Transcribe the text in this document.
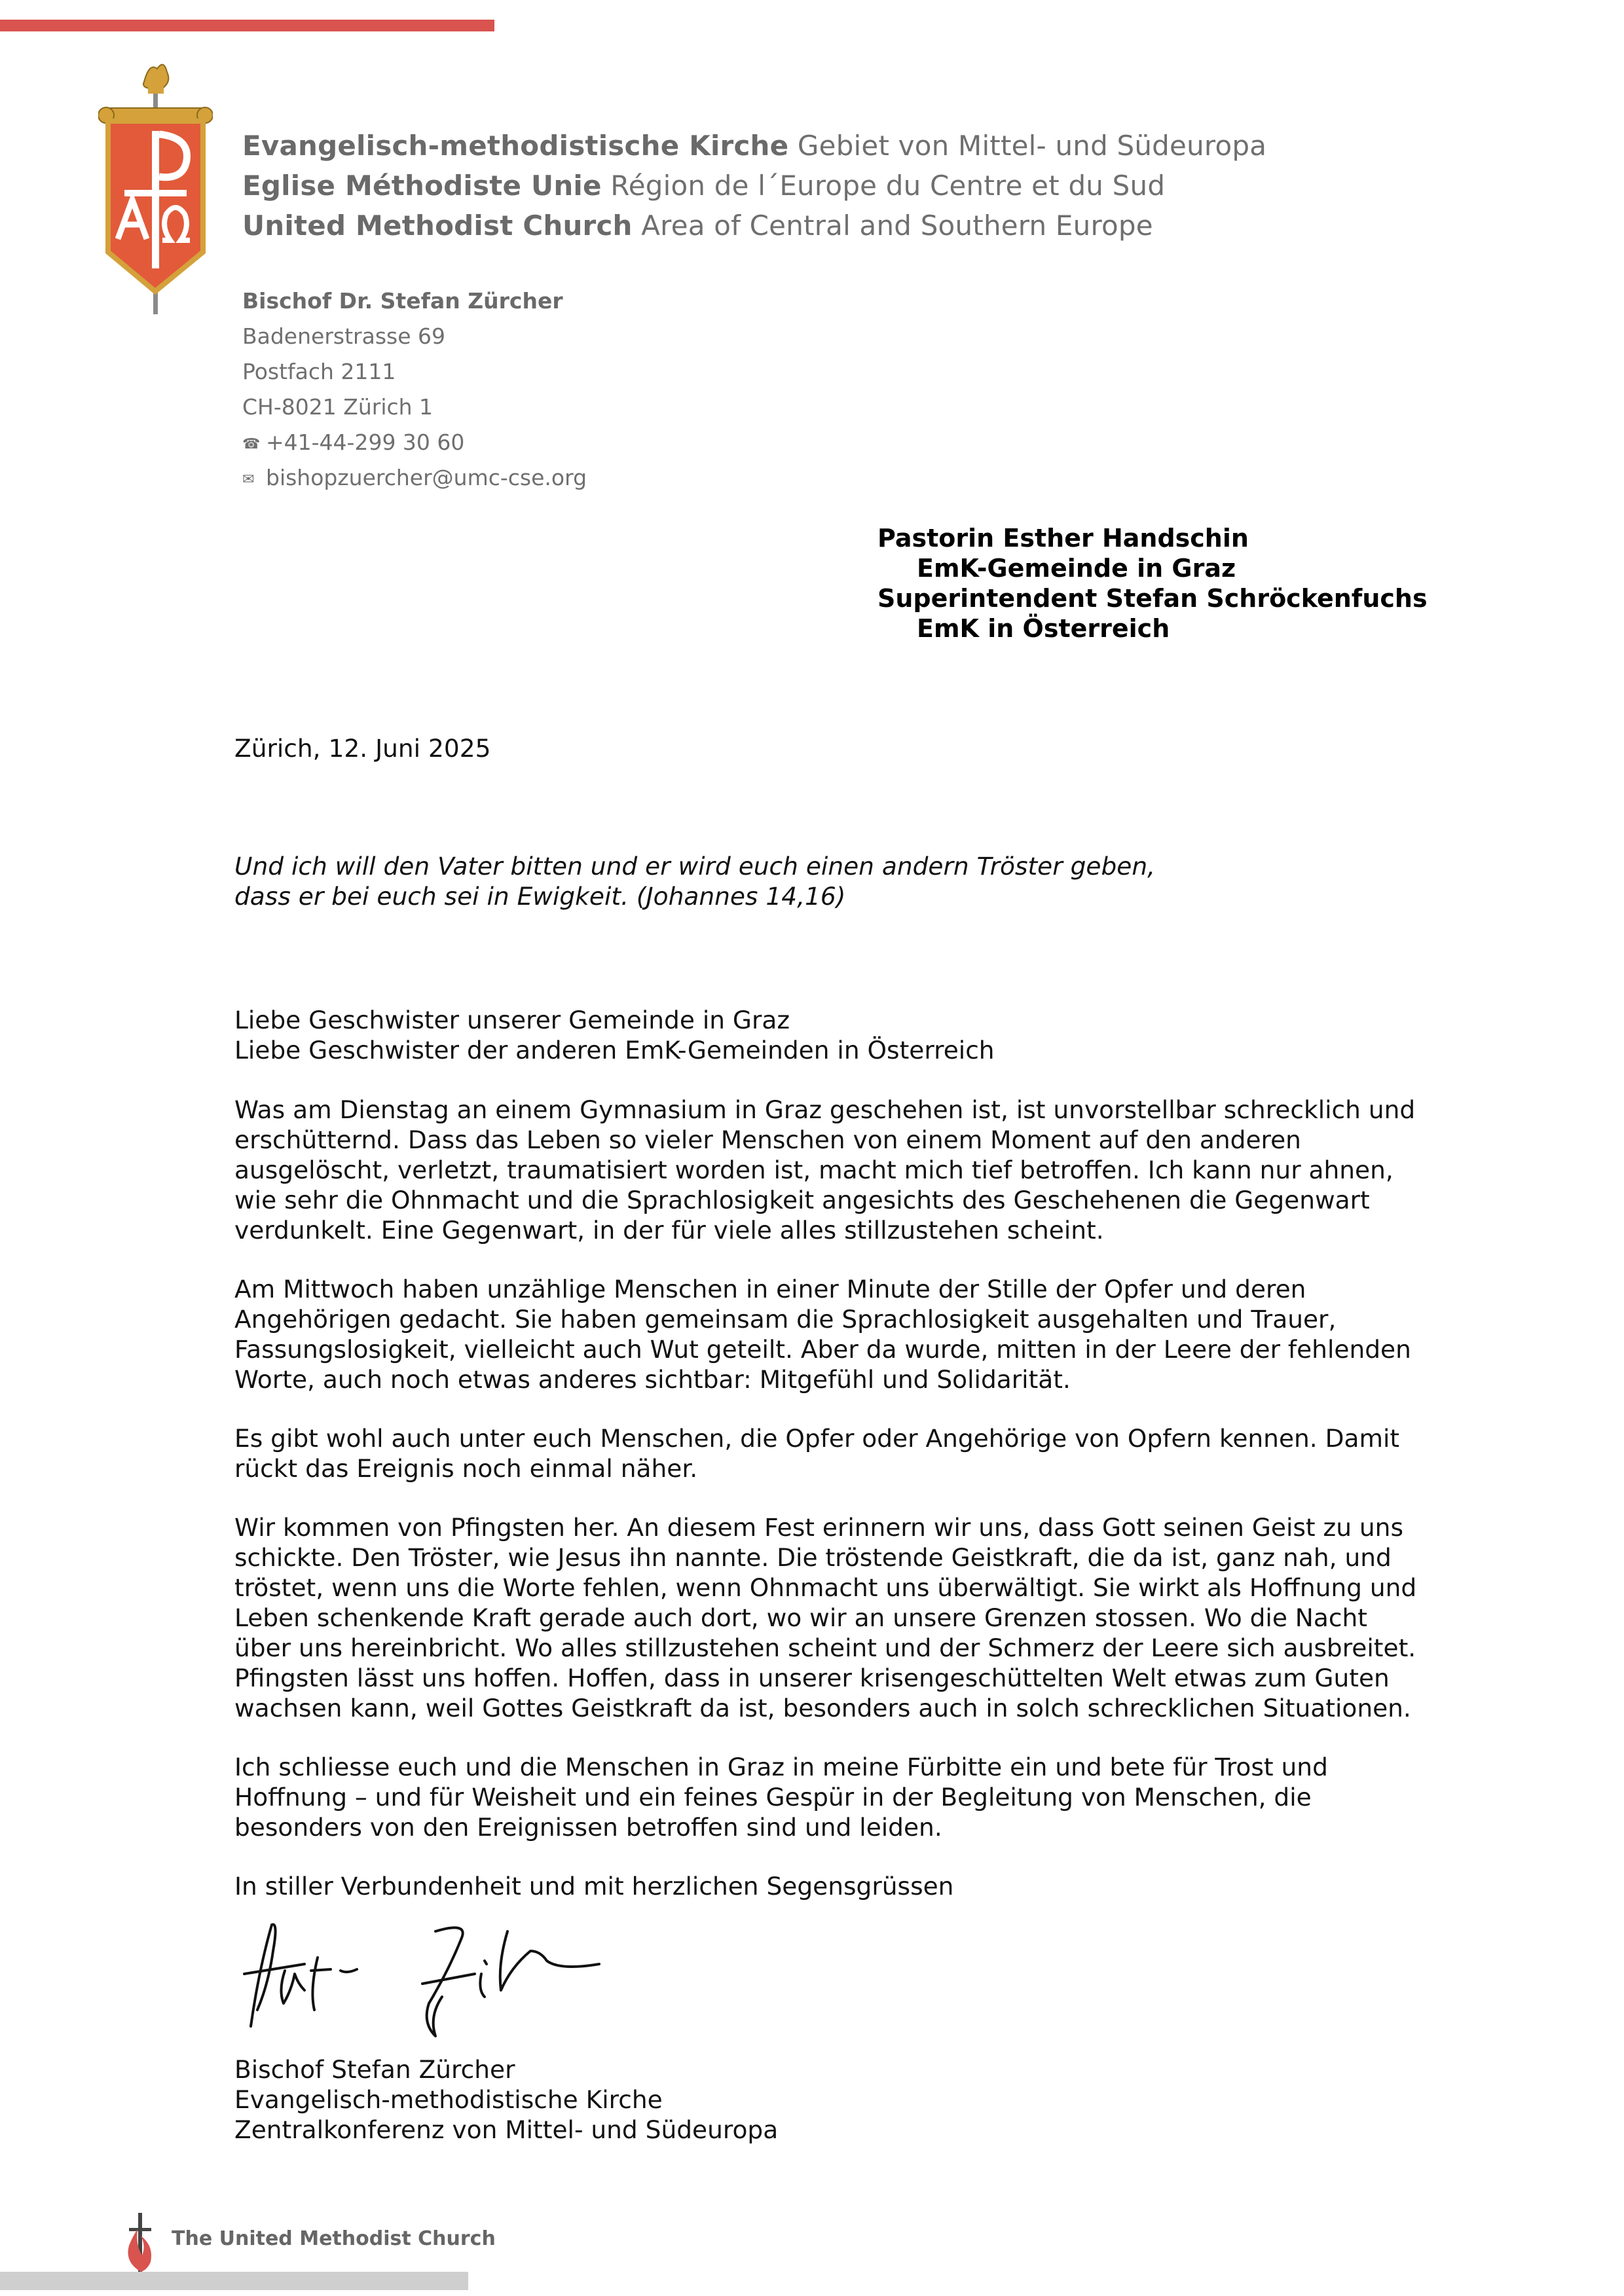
Evangelisch-methodistische Kirche Gebiet von Mittel- und Südeuropa
Eglise Méthodiste Unie Région de l´Europe du Centre et du Sud
United Methodist Church Area of Central and Southern Europe
Bischof Dr. Stefan Zürcher
Badenerstrasse 69
Postfach 2111
CH-8021 Zürich 1
☎ +41-44-299 30 60
✉ bishopzuercher@umc-cse.org
Pastorin Esther Handschin
EmK-Gemeinde in Graz
Superintendent Stefan Schröckenfuchs
EmK in Österreich
Zürich, 12. Juni 2025
Und ich will den Vater bitten und er wird euch einen andern Tröster geben,
dass er bei euch sei in Ewigkeit. (Johannes 14,16)
Liebe Geschwister unserer Gemeinde in Graz
Liebe Geschwister der anderen EmK-Gemeinden in Österreich
Was am Dienstag an einem Gymnasium in Graz geschehen ist, ist unvorstellbar schrecklich und
erschütternd. Dass das Leben so vieler Menschen von einem Moment auf den anderen
ausgelöscht, verletzt, traumatisiert worden ist, macht mich tief betroffen. Ich kann nur ahnen,
wie sehr die Ohnmacht und die Sprachlosigkeit angesichts des Geschehenen die Gegenwart
verdunkelt. Eine Gegenwart, in der für viele alles stillzustehen scheint.
Am Mittwoch haben unzählige Menschen in einer Minute der Stille der Opfer und deren
Angehörigen gedacht. Sie haben gemeinsam die Sprachlosigkeit ausgehalten und Trauer,
Fassungslosigkeit, vielleicht auch Wut geteilt. Aber da wurde, mitten in der Leere der fehlenden
Worte, auch noch etwas anderes sichtbar: Mitgefühl und Solidarität.
Es gibt wohl auch unter euch Menschen, die Opfer oder Angehörige von Opfern kennen. Damit
rückt das Ereignis noch einmal näher.
Wir kommen von Pfingsten her. An diesem Fest erinnern wir uns, dass Gott seinen Geist zu uns
schickte. Den Tröster, wie Jesus ihn nannte. Die tröstende Geistkraft, die da ist, ganz nah, und
tröstet, wenn uns die Worte fehlen, wenn Ohnmacht uns überwältigt. Sie wirkt als Hoffnung und
Leben schenkende Kraft gerade auch dort, wo wir an unsere Grenzen stossen. Wo die Nacht
über uns hereinbricht. Wo alles stillzustehen scheint und der Schmerz der Leere sich ausbreitet.
Pfingsten lässt uns hoffen. Hoffen, dass in unserer krisengeschüttelten Welt etwas zum Guten
wachsen kann, weil Gottes Geistkraft da ist, besonders auch in solch schrecklichen Situationen.
Ich schliesse euch und die Menschen in Graz in meine Fürbitte ein und bete für Trost und
Hoffnung – und für Weisheit und ein feines Gespür in der Begleitung von Menschen, die
besonders von den Ereignissen betroffen sind und leiden.
In stiller Verbundenheit und mit herzlichen Segensgrüssen
Bischof Stefan Zürcher
Evangelisch-methodistische Kirche
Zentralkonferenz von Mittel- und Südeuropa
The United Methodist Church
